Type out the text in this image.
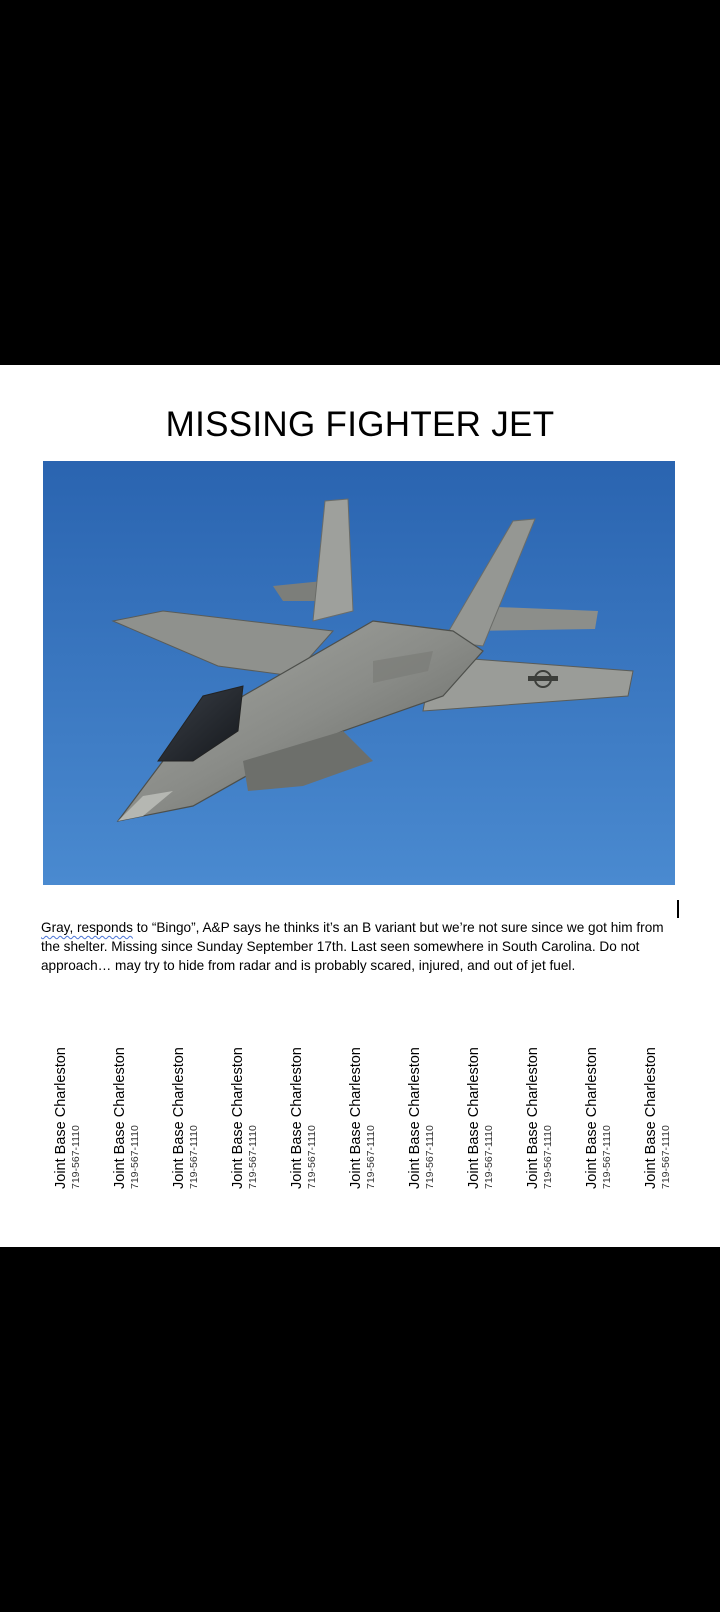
MISSING FIGHTER JET

Gray, responds to “Bingo”, A&P says he thinks it’s an B variant but we’re not sure since we got him from the shelter. Missing since Sunday September 17th. Last seen somewhere in South Carolina. Do not approach… may try to hide from radar and is probably scared, injured, and out of jet fuel.

Joint Base Charleston 719-567-1110 Joint Base Charleston 719-567-1110 Joint Base Charleston 719-567-1110 Joint Base Charleston 719-567-1110 Joint Base Charleston 719-567-1110 Joint Base Charleston 719-567-1110 Joint Base Charleston 719-567-1110 Joint Base Charleston 719-567-1110 Joint Base Charleston 719-567-1110 Joint Base Charleston 719-567-1110 Joint Base Charleston 719-567-1110
